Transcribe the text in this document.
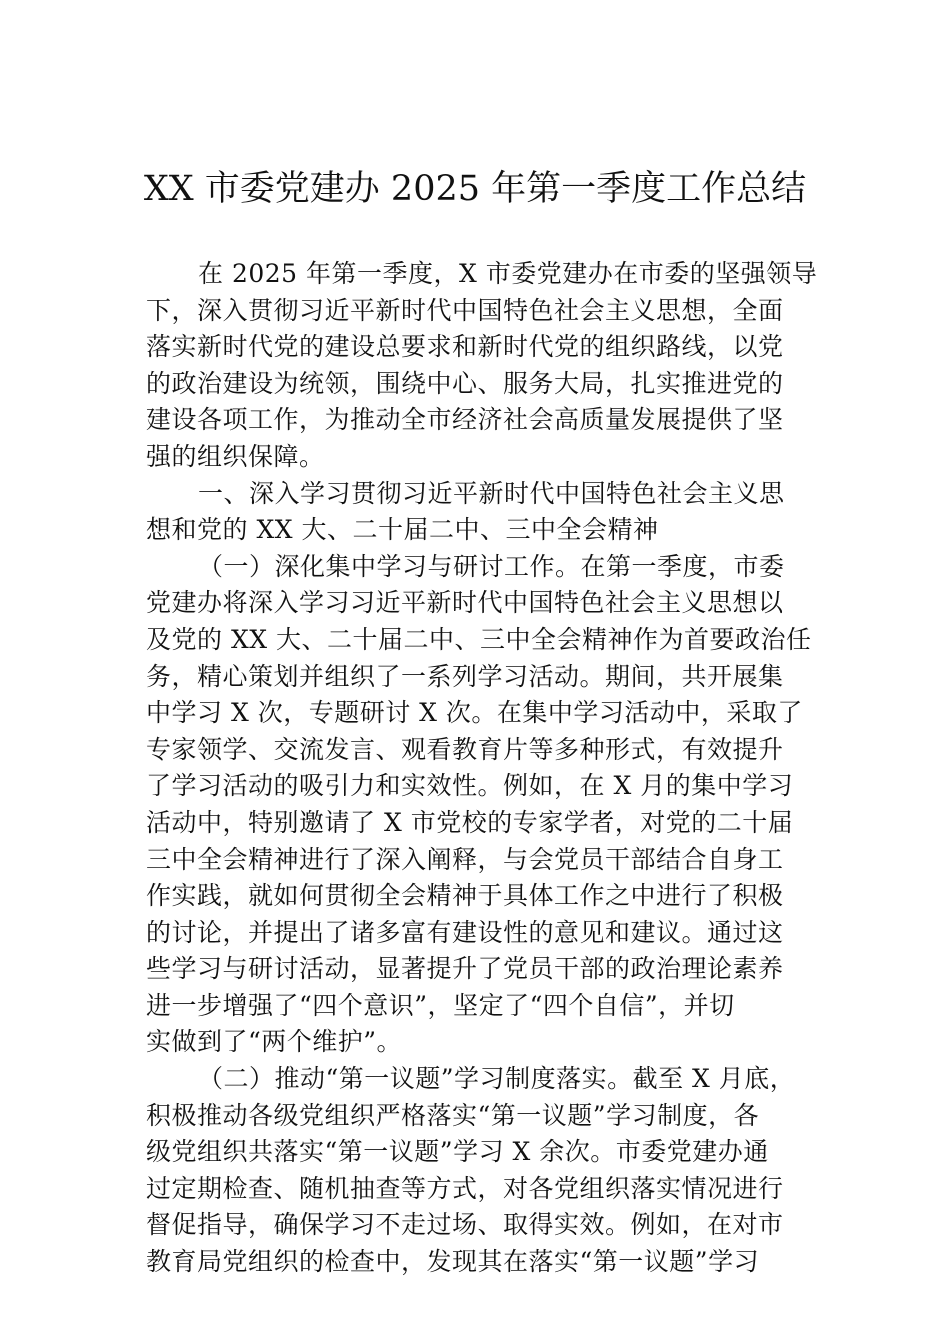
XX 市委党建办 2025 年第一季度工作总结
在 2025 年第一季度，X 市委党建办在市委的坚强领导
下，深入贯彻习近平新时代中国特色社会主义思想，全面
落实新时代党的建设总要求和新时代党的组织路线，以党
的政治建设为统领，围绕中心、服务大局，扎实推进党的
建设各项工作，为推动全市经济社会高质量发展提供了坚
强的组织保障。
一、深入学习贯彻习近平新时代中国特色社会主义思
想和党的 XX 大、二十届二中、三中全会精神
（一）深化集中学习与研讨工作。在第一季度，市委
党建办将深入学习习近平新时代中国特色社会主义思想以
及党的 XX 大、二十届二中、三中全会精神作为首要政治任
务，精心策划并组织了一系列学习活动。期间，共开展集
中学习 X 次，专题研讨 X 次。在集中学习活动中，采取了
专家领学、交流发言、观看教育片等多种形式，有效提升
了学习活动的吸引力和实效性。例如，在 X 月的集中学习
活动中，特别邀请了 X 市党校的专家学者，对党的二十届
三中全会精神进行了深入阐释，与会党员干部结合自身工
作实践，就如何贯彻全会精神于具体工作之中进行了积极
的讨论，并提出了诸多富有建设性的意见和建议。通过这
些学习与研讨活动，显著提升了党员干部的政治理论素养
进一步增强了“四个意识”，坚定了“四个自信”，并切
实做到了“两个维护”。
（二）推动“第一议题”学习制度落实。截至 X 月底，
积极推动各级党组织严格落实“第一议题”学习制度，各
级党组织共落实“第一议题”学习 X 余次。市委党建办通
过定期检查、随机抽查等方式，对各党组织落实情况进行
督促指导，确保学习不走过场、取得实效。例如，在对市
教育局党组织的检查中，发现其在落实“第一议题”学习
